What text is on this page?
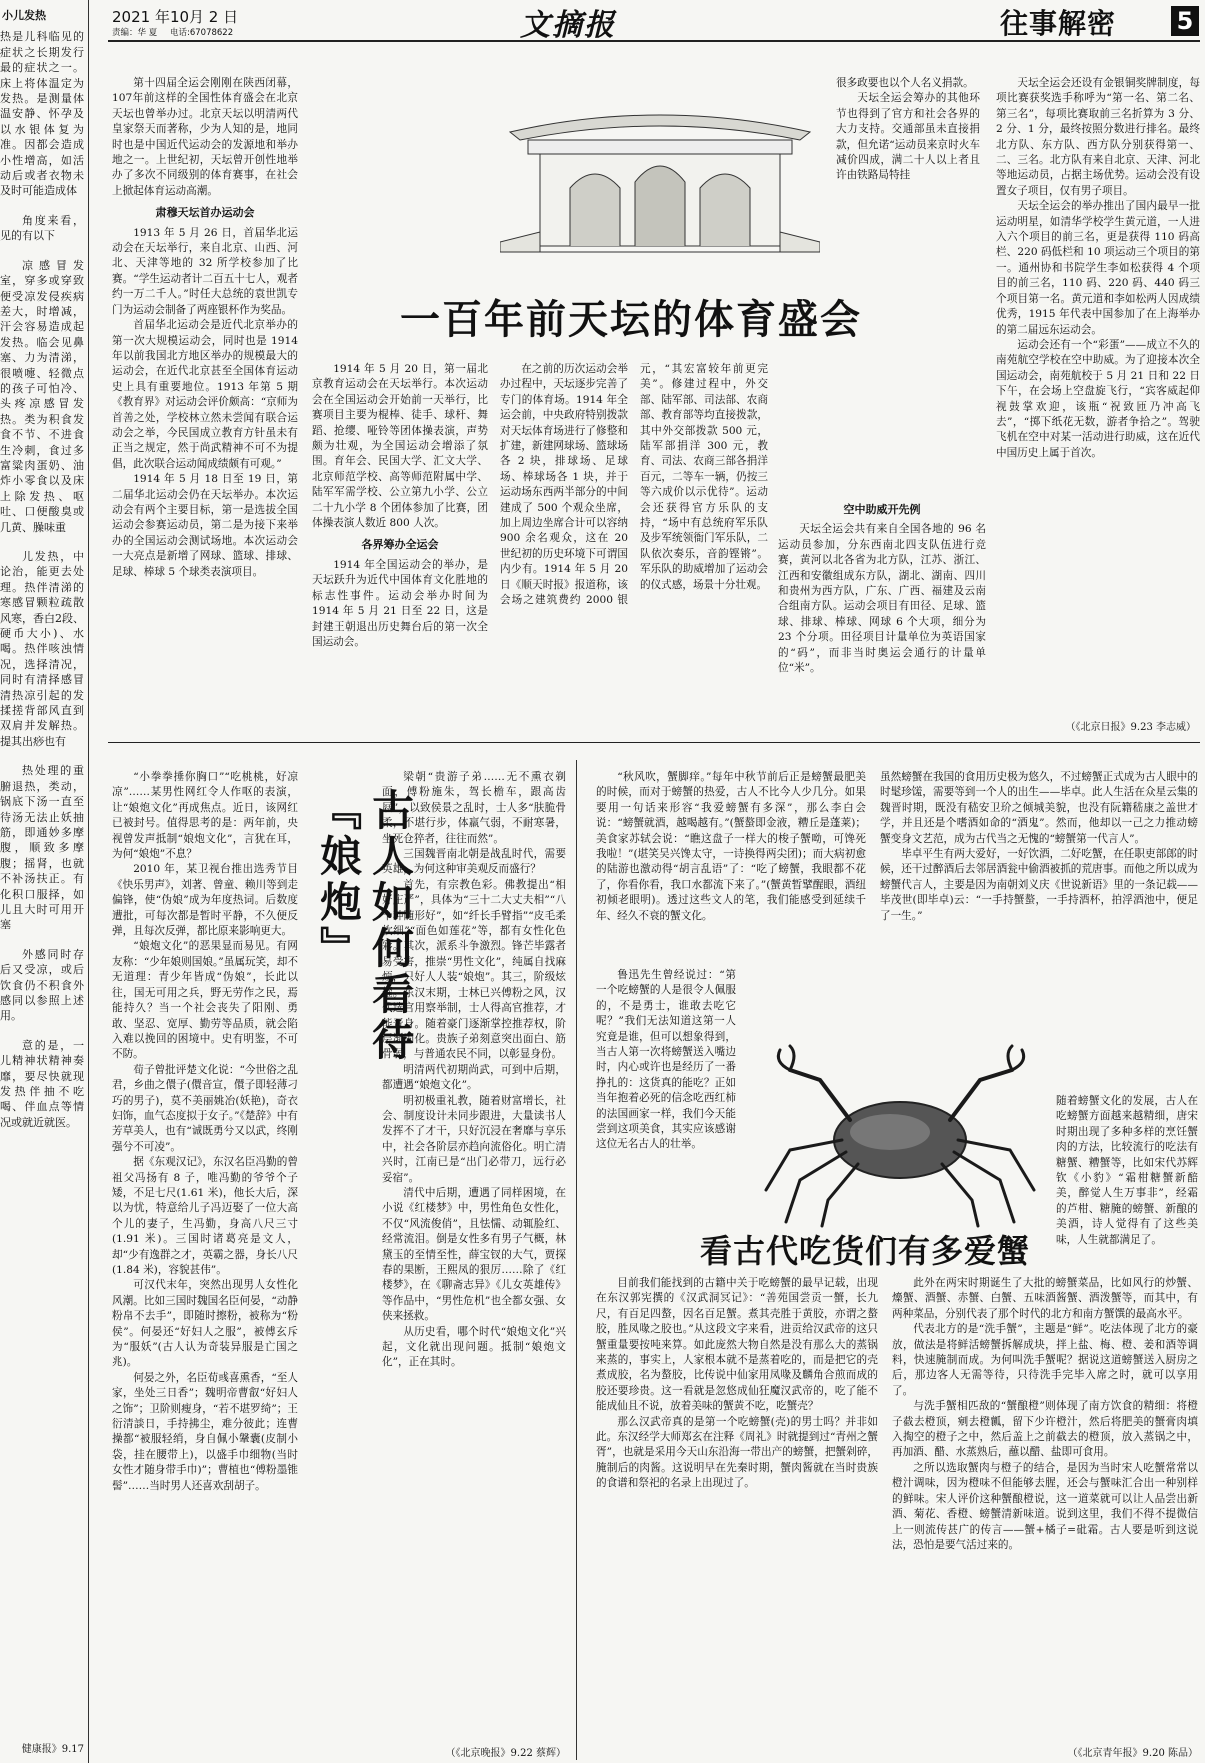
2021 年10月 2 日
责编：华 夏 电话:67078622	文摘报	往事解密	5
小儿发热

热是儿科临见的症状之长期发行最的症状之一。床上将体温定为发热。是测量体温安静、怀孕及以水银体复为准。因都会造成小性增高，如活动后或者衣物未及时可能造成体

角度来看，见的有以下

凉感冒发室，穿多或穿致便受凉发侵疾病差大，时增减，汗会容易造成起发热。临会见鼻塞、力为清涕，很喷嚏、轻微点的孩子可怕冷、头疼凉感冒发热。类为积食发食不节、不进食生冷刺，食过多富粱肉蛋奶、油炸小零食以及床上除发热、呕吐、口便酸臭或几黄、臊味重

儿发热，中论治，能更去处理。热伴清涕的寒感冒颗粒疏散风寒，香白2段、硬币大小)、水喝。热伴咳浊情况，选择清况，同时有清择感冒清热凉引起的发揉搓背部风直到双肩并发解热。提其出痧也有

热处理的重腑退热，类动，锅底下汤一直至待汤无法止妖抽筋，即通妙多摩腹，顺致多摩腹；摇肾，也就不补汤扶正。有化积口服择，如儿且大时可用开塞

外感同时存后又受凉，或后饮食仍不积食外感同以参照上述用。

意的是，一儿精神状精神奏靡，要尽快就现发热伴抽不吃喝、伴血点等情况或就近就医。

健康报》9.17

第十四届全运会刚刚在陕西闭幕，107年前这样的全国性体育盛会在北京天坛也曾举办过。北京天坛以明清两代皇家祭天而著称，少为人知的是，地同时也是中国近代运动会的发源地和举办地之一。上世纪初，天坛曾开创性地举办了多次不同级别的体育赛事，在社会上掀起体育运动高潮。

肃穆天坛首办运动会

1913 年 5 月 26 日，首届华北运动会在天坛举行，来自北京、山西、河北、天津等地的 32 所学校参加了比赛。“学生运动者计二百五十七人，观者约一万二千人。”时任大总统的袁世凯专门为运动会制备了两座银杯作为奖品。

首届华北运动会是近代北京举办的第一次大规模运动会，同时也是 1914 年以前我国北方地区举办的规模最大的运动会，在近代北京甚至全国体育运动史上具有重要地位。1913 年第 5 期《教育界》对运动会评价颇高：“京师为首善之处，学校林立然未尝闻有联合运动会之举，今民国成立教育方针虽未有正当之规定，然于尚武精神不可不为提倡，此次联合运动闻成绩颇有可观。”

1914 年 5 月 18 日至 19 日，第二届华北运动会仍在天坛举办。本次运动会有两个主要目标，第一是选拔全国运动会参赛运动员，第二是为接下来举办的全国运动会测试场地。本次运动会一大亮点是新增了网球、篮球、排球、足球、棒球 5 个球类表演项目。

很多政要也以个人名义捐款。

天坛全运会筹办的其他环节也得到了官方和社会各界的大力支持。交通部虽未直接捐款，但允诺“运动员来京时火车减价四成，满二十人以上者且许由铁路局特挂

一百年前天坛的体育盛会

1914 年 5 月 20 日，第一届北京教育运动会在天坛举行。本次运动会在全国运动会开始前一天举行，比赛项目主要为棍棒、徒手、球杆、舞蹈、抢缨、哑铃等团体操表演，声势颇为壮观，为全国运动会增添了氛围。育年会、民国大学、汇文大学、北京师范学校、高等师范附属中学、陆军军需学校、公立第九小学、公立二十九小学 8 个团体参加了比赛，团体操表演人数近 800 人次。

各界筹办全运会

1914 年全国运动会的举办，是天坛跃升为近代中国体育文化胜地的标志性事件。运动会举办时间为 1914 年 5 月 21 日至 22 日，这是封建王朝退出历史舞台后的第一次全国运动会。

在之前的历次运动会举办过程中，天坛逐步完善了专门的体育场。1914 年全运会前，中央政府特别拨款对天坛体育场进行了修整和扩建，新建网球场、篮球场各 2 块，排球场、足球场、棒球场各 1 块，并于运动场东西两半部分的中间建成了 500 个观众坐席，加上周边坐席合计可以容纳 900 余名观众，这在 20 世纪初的历史环境下可谓国内少有。1914 年 5 月 20 日《顺天时报》报道称，该会场之建筑费约 2000 银元，“其宏富较年前更完美”。修建过程中，外交部、陆军部、司法部、农商部、教育部等均直接拨款，其中外交部拨款 500 元，陆军部捐洋 300 元，教育、司法、农商三部各捐洋百元，二等车一辆，仍按三等六成价以示优待”。运动会还获得官方乐队的支持，“场中有总统府军乐队及步军统领衙门军乐队，二队依次奏乐，音韵铿锵”。军乐队的助威增加了运动会的仪式感，场景十分壮观。

空中助威开先例

天坛全运会共有来自全国各地的 96 名运动员参加，分东西南北四支队伍进行竞赛，黄河以北各省为北方队，江苏、浙江、江西和安徽组成东方队，湖北、湖南、四川和贵州为西方队，广东、广西、福建及云南合组南方队。运动会项目有田径、足球、篮球、排球、棒球、网球 6 个大项，细分为 23 个分项。田径项目计量单位为英语国家的“码”，而非当时奥运会通行的计量单位“米”。

天坛全运会还设有金银铜奖牌制度，每项比赛获奖选手称呼为“第一名、第二名、第三名”，每项比赛取前三名折算为 3 分、2 分、1 分，最终按照分数进行排名。最终北方队、东方队、西方队分别获得第一、二、三名。北方队有来自北京、天津、河北等地运动员，占据主场优势。运动会没有设置女子项目，仅有男子项目。

天坛全运会的举办推出了国内最早一批运动明星，如清华学校学生黄元道，一人进入六个项目的前三名，更是获得 110 码高栏、220 码低栏和 10 项运动三个项目的第一。通州协和书院学生李如松获得 4 个项目的前三名，110 码、220 码、440 码三个项目第一名。黄元道和李如松两人因成绩优秀，1915 年代表中国参加了在上海举办的第二届远东运动会。

运动会还有一个“彩蛋”——成立不久的南苑航空学校在空中助威。为了迎接本次全国运动会，南苑航校于 5 月 21 日和 22 日下午，在会场上空盘旋飞行，“宾客威起仰视鼓掌欢迎，该瓶“祝致匝乃冲高飞去”，“掷下纸花无数，游者争拾之”。驾驶飞机在空中对某一活动进行助威，这在近代中国历史上属于首次。

（《北京日报》9.23 李志威）

“小拳拳捶你胸口”“吃桃桃，好凉凉”……某男性网红令人作呕的表演，让“娘炮文化”再成焦点。近日，该网红已被封号。值得思考的是：两年前，央视曾发声抵制“娘炮文化”，言犹在耳，为何“娘炮”不息？

2010 年，某卫视台推出选秀节目《快乐男声》，刘著、曾童、赖川等到走偏锋，使“伪娘”成为年度热词。后数度遭批，可每次都是暂时平静，不久便反弹，且每次反弹，都比原来影响更大。

“娘炮文化”的恶果显而易见。有网友称：“少年娘则国娘。”虽属玩笑，却不无道理：青少年皆成“伪娘”，长此以往，国无可用之兵，野无劳作之民，焉能持久？当一个社会丧失了阳刚、勇敢、坚忍、宽厚、勤劳等品质，就会陷入难以挽回的困境中。史有明鉴，不可不防。

荀子曾批评楚文化说：“今世俗之乱君，乡曲之儇子(儇音宣，儇子即轻薄刁巧的男子)，莫不美丽姚冶(妖艳)，奇衣妇饰，血气态度拟于女子。”《楚辞》中有芳草美人，也有“诚既勇兮又以武，终刚强兮不可凌”。

据《东观汉记》，东汉名臣冯勤的曾祖父冯扬有 8 子，唯冯勤的爷爷个子矮，不足七尺(1.61 米)，他长大后，深以为忧，特意给儿子冯迈娶了一位大高个儿的妻子，生冯勤，身高八尺三寸(1.91 米)。三国时诸葛亮是文人，却“少有逸群之才，英霸之器，身长八尺(1.84 米)，容貌甚伟”。

可汉代末年，突然出现男人女性化风潮。比如三国时魏国名臣何晏，“动静粉帛不去手”，即随时擦粉，被称为“粉侯”。何晏还“好妇人之服”，被傅玄斥为“服妖”(古人认为奇装异服是亡国之兆)。

何晏之外，名臣荀彧喜熏香，“至人家，坐处三日香”；魏明帝曹叡“好妇人之饰”；卫阶则瘦身，“若不堪罗绮”；王衍清談日，手持拂尘，难分彼此；连曹操都“被服轻绡，身自佩小鞶囊(皮制小袋，挂在腰带上)，以盛手巾细物(当时女性才随身带手巾)”；曹植也“傅粉墨锥髻”……当时男人还喜欢刮胡子。

古人如何看待『娘炮』

梁朝“贵游子弟……无不熏衣剃面，傅粉施朱，驾长檐车，跟高齿屐”，以致侯景之乱时，士人多“肤脆骨柔，不堪行步，体羸气弱，不耐寒暑，坐死仓猝者，往往而然”。

三国魏晋南北朝是战乱时代，需要英雄，为何这种审美观反而盛行？

首先，有宗教色彩。佛教提出“相好庄严”，具体为“三十二大丈夫相”“八十种随形好”，如“纤长手臂指”“皮毛柔软细”“面色如莲花”等，都有女性化色彩。其次，派系斗争激烈。锋芒毕露者易受害，推崇“男性文化”，纯属自找麻烦，只好人人装“娘炮”。其三，阶级炫耀。东汉末期，士林已兴傅粉之风，汉代选官用察举制，士人得高官推荐，才能晋身。随着豪门逐渐掌控推荐权，阶层渐固化。贵族子弟刻意突出面白、筋骨弱，与普通农民不同，以彰显身份。

明清两代初期尚武，可到中后期，都遭遇“娘炮文化”。

明初极重礼教，随着财富增长，社会、制度设计未同步跟进，大量读书人发挥不了才干，只好沉浸在奢靡与享乐中，社会各阶层亦趋向流俗化。明亡清兴时，江南已是“出门必带刀，远行必妥宿”。

清代中后期，遭遇了同样困境，在小说《红楼梦》中，男性角色女性化，不仅“风流俊俏”，且怯懦、动辄脸红、经常流泪。倒是女性多有男子气概，林黛玉的至情至性，薛宝钗的大气，贾探春的果断，王熙凤的狠厉……除了《红楼梦》，在《聊斋志异》《儿女英雄传》等作品中，“男性危机”也全都女强、女侠来拯救。

从历史看，哪个时代“娘炮文化”兴起，文化就出现问题。抵制“娘炮文化”，正在其时。

（《北京晚报》9.22 蔡辉）

“秋风吹，蟹脚痒。”每年中秋节前后正是螃蟹最肥美的时候，而对于螃蟹的热爱，古人不比今人少几分。如果要用一句话来形容“我爱螃蟹有多深”，那么李白会说：“螃蟹就酒，越喝越有。”(蟹螯即金液，糟丘是蓬莱)；美食家苏轼会说：“瞧这盘子一样大的梭子蟹呦，可馋死我啦！”(堪笑吴兴馋太守，一诗换得两尖团)；而大病初愈的陆游也激动得“胡言乱语”了：“吃了螃蟹，我眼都不花了，你看你看，我口水都流下来了。”(蟹黄暂擘醒眼，酒纽初倾老眼明)。透过这些文人的笔，我们能感受到延续千年、经久不衰的蟹文化。

鲁迅先生曾经说过：“第一个吃螃蟹的人是很令人佩服的，不是勇士，谁敢去吃它呢？”我们无法知道这第一人究竟是谁，但可以想象得到，当古人第一次将螃蟹送入嘴边时，内心或许也是经历了一番挣扎的：这货真的能吃？正如当年抱着必死的信念吃西红柿的法国画家一样，我们今天能尝到这项美食，其实应该感谢这位无名古人的壮举。

虽然螃蟹在我国的食用历史极为悠久，不过螃蟹正式成为古人眼中的时髦珍馐，需要等到一个人的出生——毕卓。此人生活在众星云集的魏晋时期，既没有嵇安卫玠之倾城美貌，也没有阮籍嵇康之盖世才学，并且还是个嗜酒如命的“酒鬼”。然而，他却以一己之力推动螃蟹变身文艺范，成为古代当之无愧的“螃蟹第一代言人”。

毕卓平生有两大爱好，一好饮酒，二好吃蟹，在任职吏部郎的时候，还干过醉酒后去邻居酒瓮中偷酒被抓的荒唐事。而他之所以成为螃蟹代言人，主要是因为南朝刘义庆《世说新语》里的一条记载——毕茂世(即毕卓)云：“一手持蟹螯，一手持酒杯，拍浮酒池中，便足了一生。”

随着螃蟹文化的发展，古人在吃螃蟹方面越来越精细，唐宋时期出现了多种多样的烹饪蟹肉的方法，比较流行的吃法有糖蟹、糟蟹等，比如宋代苏辉钦《小豹》“霜柑糖蟹新醅美，醉觉人生万事非”，经霜的芦柑、糖腌的螃蟹、新酿的美酒，诗人觉得有了这些美味，人生就都满足了。

看古代吃货们有多爱蟹

目前我们能找到的古籍中关于吃螃蟹的最早记载，出现在东汉郭宪撰的《汉武洞冥记》：“善苑国尝贡一蟹，长九尺，有百足四螯，因名百足蟹。煮其壳胜于黄胶，亦谓之螯胶，胜凤喙之胶也。”从这段文字来看，进贡给汉武帝的这只蟹重量要按吨来算。如此庞然大物自然是没有那么大的蒸锅来蒸的，事实上，人家根本就不是蒸着吃的，而是把它的壳煮成胶，名为螯胶，比传说中仙家用凤喙及麟角合煎而成的胶还要珍贵。这一看就是忽悠成仙狂魔汉武帝的，吃了能不能成仙且不说，放着美味的蟹黄不吃，吃蟹壳？

那么汉武帝真的是第一个吃螃蟹(壳)的男士吗？并非如此。东汉经学大师郑玄在注释《周礼》时就提到过“青州之蟹胥”，也就是采用今天山东沿海一带出产的螃蟹，把蟹剁碎，腌制后的肉酱。这说明早在先秦时期，蟹肉酱就在当时贵族的食谱和祭祀的名录上出现过了。

此外在两宋时期诞生了大批的螃蟹菜品，比如风行的炒蟹、燺蟹、酒蟹、赤蟹、白蟹、五味酒酱蟹、酒泼蟹等，而其中，有两种菜品，分别代表了那个时代的北方和南方蟹馔的最高水平。

代表北方的是“洗手蟹”，主题是“鲜”。吃法体现了北方的豪放，做法是将鲜活螃蟹拆解成块，拌上盐、梅、橙、姜和酒等调料，快速腌制而成。为何叫洗手蟹呢？据说这道螃蟹送入厨房之后，那边客人无需等待，只待洗手完毕入席之时，就可以享用了。

与洗手蟹相匹敌的“蟹酿橙”则体现了南方饮食的精细：将橙子截去橙顶，剜去橙瓤，留下少许橙汁，然后将肥美的蟹膏肉填入掏空的橙子之中，然后盖上之前截去的橙顶，放入蒸锅之中，再加酒、醋、水蒸熟后，蘸以醋、盐即可食用。

之所以选取蟹肉与橙子的结合，是因为当时宋人吃蟹常常以橙汁调味，因为橙味不但能够去腥，还会与蟹味汇合出一种别样的鲜味。宋人评价这种蟹酿橙说，这一道菜就可以让人品尝出新酒、菊花、香橙、螃蟹清新味道。说到这里，我们不得不提微信上一则流传甚广的传言——蟹+橘子=砒霜。古人要是听到这说法，恐怕是要气活过来的。

（《北京青年报》9.20 陈品）
